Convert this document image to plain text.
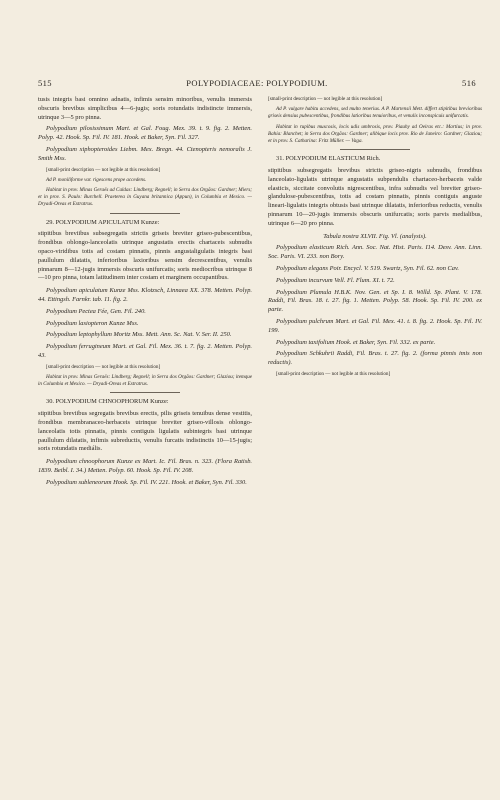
515	POLYPODIACEAE: POLYPODIUM.	516

tusis integris basi omnino adnatis, infimis sensim minoribus, venulis immersis obscuris brevibus simplicibus 4—6-jugis; soris rotundatis indistincte immersis, utrinque 3—5 pro pinna.

Polypodium pilosissimum Mart. et Gal. Foug. Mex. 39. t. 9. fig. 2. Metten. Polyp. 42. Hook. Sp. Fil. IV. 181. Hook. et Baker, Syn. Fil. 327.

Polypodium xiphopteroides Liebm. Mex. Bregn. 44. Ctenopteris nemoralis J. Smith Mss.

[small-print description — not legible at this resolution]

Ad P. moniliforme var. rigescens prope accedens.

Habitat in prov. Minas Geraës ad Caldas: Lindberg; Regnell; in Serra dos Orgãos: Gardner; Miers; et in prov. S. Paulo: Burchell. Praeterea in Guyana britannica (Appun), in Columbia et Mexico. — Dryadi-Oreas et Extratrus.

29. POLYPODIUM APICULATUM Kunze:

stipitibus breviibus subsegregatis strictis griseis breviter griseo-pubescentibus, frondibus oblongo-lanceolatis utrinque angustatis erectis chartaceis subnudis opaco-viridibus totis ad costam pinnatis, pinnis angustaligulatis integris basi paullulum dilatatis, inferioribus laxioribus sensim decrescentibus, venulis pinnarum 8—12-jugis immersis obscuris unifurcatis; soris mediocribus utrinque 8—10 pro pinna, totam latitudinem inter costam et marginem occupantibus.

Polypodium apiculatum Kunze Mss. Klotzsch, Linnaea XX. 378. Metten. Polyp. 44. Ettingsh. Farnkr. tab. 11. fig. 2.

Polypodium Pectea Fée, Gen. Fil. 240.

Polypodium lasiopteron Kunze Mss.

Polypodium leptophyllum Moritz Mss. Mett. Ann. Sc. Nat. V. Ser. II. 250.

Polypodium ferrugineum Mart. et Gal. Fil. Mex. 36. t. 7. fig. 2. Metten. Polyp. 43.

[small-print description — not legible at this resolution]

Habitat in prov. Minas Geraës: Lindberg; Regnell; in Serra dos Orgãos: Gardner; Glaziou; itemque in Columbia et Mexico. — Dryadi-Oreas et Extratrus.

30. POLYPODIUM CHNOOPHORUM Kunze:

stipitibus breviibus segregatis brevibus erectis, pilis griseis tenuibus dense vestitis, frondibus membranaceo-herbaceis utrinque breviter griseo-villosis oblongo-lanceolatis totis pinnatis, pinnis contiguis ligulatis subintegris basi utrinque paullulum dilatatis, infimis subreductis, venulis furcatis indistinctis 10—15-jugis; soris rotundatis mediális.

Polypodium chnoophorum Kunze ex Mart. Ic. Fil. Bras. n. 323. (Flora Ratisb. 1839. Beibl. I. 34.) Metten. Polyp. 60. Hook. Sp. Fil. IV. 208.

Polypodium subleneorum Hook. Sp. Fil. IV. 221. Hook. et Baker, Syn. Fil. 330.

[small-print description — not legible at this resolution]

Ad P. vulgare habitu accedens, sed multo tenerius. A P. Martensii Mett. differt stipitibus brevioribus griseis densius pubescentibus, frondibus latioribus tenuioribus, et venulis inconspicuis unifurcatis.

Habitat in rupibus muscosis, locis udis umbrosis, prov. Piauhy ad Oeiras etc.: Martius; in prov. Bahia: Blanchet; in Serra dos Orgãos: Gardner; alibique locis prov. Rio de Janeiro: Gardner; Glaziou; et in prov. S. Catharina: Fritz Müller. — Vaga.

31. POLYPODIUM ELASTICUM Rich.

stipitibus subsegregatis brevibus strictis griseo-nigris subnudis, frondibus lanceolato-ligulatis utrinque angustatis subpendulis chartaceo-herbaceis valde elasticis, siccitate convolutis nigrescentibus, infra subnudis vel breviter griseo-glandulose-pubescentibus, totis ad costam pinnatis, pinnis contiguis angustе linearі-ligulatis integris obtusis basi utrinque dilatatis, inferioribus reductis, venulis pinnarum 10—20-jugis immersis obscuris unifurcatis; soris parvis medialibus, utrinque 6—20 pro pinna.

Tabula nostra XLVII. Fig. Vl. (analysis).

Polypodium elasticum Rich. Ann. Soc. Nat. Hist. Paris. I14. Desv. Ann. Linn. Soc. Paris. VI. 233. non Bory.

Polypodium elegans Poir. Encycl. V. 519. Swartz, Syn. Fil. 62. non Cav.

Polypodium incurvum Vell. Fl. Flum. XI. t. 72.

Polypodium Plumula H.B.K. Nov. Gen. et Sp. I. 8. Willd. Sp. Plant. V. 178. Raddi, Fil. Bras. 18. t. 27. fig. 1. Metten. Polyp. 58. Hook. Sp. Fil. IV. 200. ex parte.

Polypodium pulchrum Mart. et Gal. Fil. Mex. 41. t. 8. fig. 2. Hook. Sp. Fil. IV. 199.

Polypodium taxifolium Hook. et Baker, Syn. Fil. 332. ex parte.

Polypodium Schkuhrii Raddi, Fil. Bras. t. 27. fig. 2. (forma pinnis imis non reductis).

[small-print description — not legible at this resolution]
